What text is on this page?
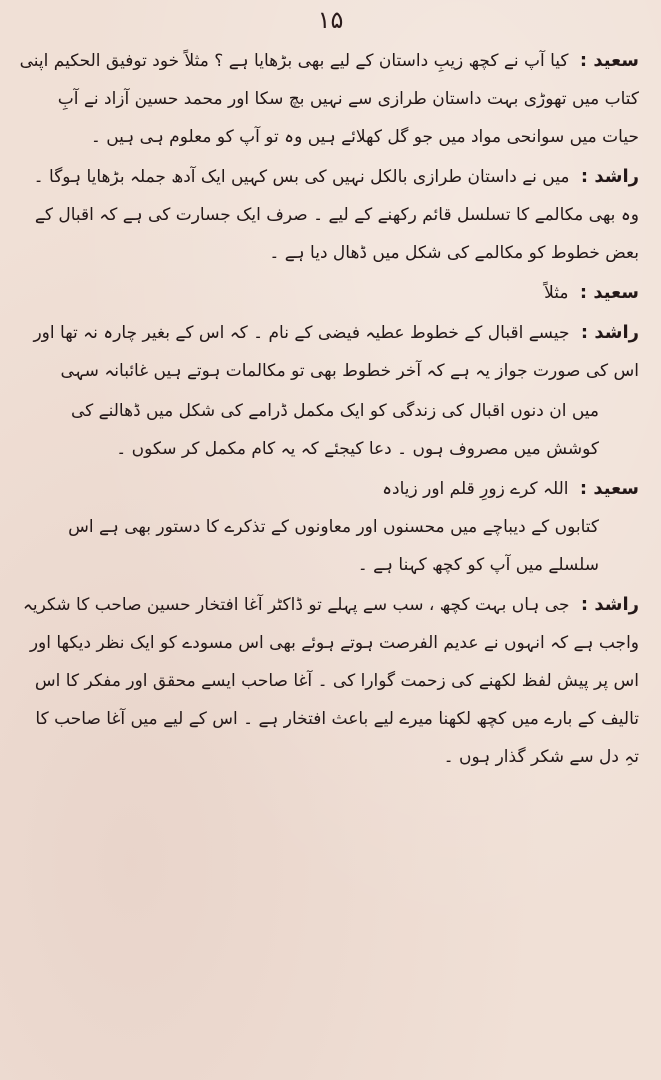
۱۵

سعید : کیا آپ نے کچھ زیبِ داستان کے لیے بھی بڑھایا ہے ؟ مثلاً خود توفیق الحکیم اپنی کتاب میں تھوڑی بہت داستان طرازی سے نہیں بچ سکا اور محمد حسین آزاد نے آبِ حیات میں سوانحی مواد میں جو گل کھلائے ہیں وہ تو آپ کو معلوم ہی ہیں ۔

راشد : میں نے داستان طرازی بالکل نہیں کی بس کہیں ایک آدھ جملہ بڑھایا ہوگا ۔ وہ بھی مکالمے کا تسلسل قائم رکھنے کے لیے ۔ صرف ایک جسارت کی ہے کہ اقبال کے بعض خطوط کو مکالمے کی شکل میں ڈھال دیا ہے ۔

سعید : مثلاً

راشد : جیسے اقبال کے خطوط عطیہ فیضی کے نام ۔ کہ اس کے بغیر چارہ نہ تھا اور اس کی صورت جواز یہ ہے کہ آخر خطوط بھی تو مکالمات ہوتے ہیں غائبانہ سہی

میں ان دنوں اقبال کی زندگی کو ایک مکمل ڈرامے کی شکل میں ڈھالنے کی کوشش میں مصروف ہوں ۔ دعا کیجئے کہ یہ کام مکمل کر سکوں ۔

سعید : اللہ کرے زورِ قلم اور زیادہ

کتابوں کے دیباچے میں محسنوں اور معاونوں کے تذکرے کا دستور بھی ہے اس سلسلے میں آپ کو کچھ کہنا ہے ۔

راشد : جی ہاں بہت کچھ ، سب سے پہلے تو ڈاکٹر آغا افتخار حسین صاحب کا شکریہ واجب ہے کہ انہوں نے عدیم الفرصت ہوتے ہوئے بھی اس مسودے کو ایک نظر دیکھا اور اس پر پیش لفظ لکھنے کی زحمت گوارا کی ۔ آغا صاحب ایسے محقق اور مفکر کا اس تالیف کے بارے میں کچھ لکھنا میرے لیے باعث افتخار ہے ۔ اس کے لیے میں آغا صاحب کا تہِ دل سے شکر گذار ہوں ۔
